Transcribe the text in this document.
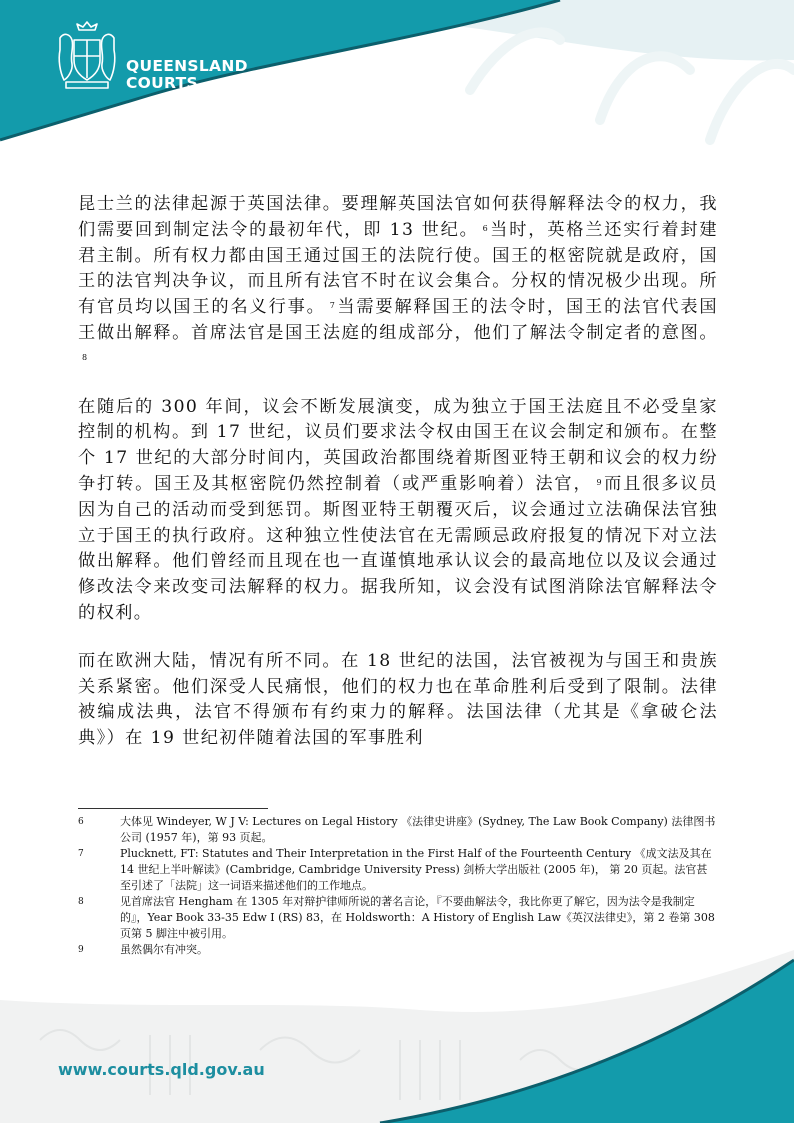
QUEENSLAND
COURTS

昆士兰的法律起源于英国法律。要理解英国法官如何获得解释法令的权力，我们需要回到制定法令的最初年代，即 13 世纪。 $^6$ 当时，英格兰还实行着封建君主制。所有权力都由国王通过国王的法院行使。国王的枢密院就是政府，国王的法官判决争议，而且所有法官不时在议会集合。分权的情况极少出现。所有官员均以国王的名义行事。 $^7$ 当需要解释国王的法令时，国王的法官代表国王做出解释。首席法官是国王法庭的组成部分，他们了解法令制定者的意图。$^8$

在随后的 300 年间，议会不断发展演变，成为独立于国王法庭且不必受皇家控制的机构。到 17 世纪，议员们要求法令权由国王在议会制定和颁布。在整个 17 世纪的大部分时间内，英国政治都围绕着斯图亚特王朝和议会的权力纷争打转。国王及其枢密院仍然控制着（或严重影响着）法官， $^9$ 而且很多议员因为自己的活动而受到惩罚。斯图亚特王朝覆灭后，议会通过立法确保法官独立于国王的执行政府。这种独立性使法官在无需顾忌政府报复的情况下对立法做出解释。他们曾经而且现在也一直谨慎地承认议会的最高地位以及议会通过修改法令来改变司法解释的权力。据我所知，议会没有试图消除法官解释法令的权利。

而在欧洲大陆，情况有所不同。在 18 世纪的法国，法官被视为与国王和贵族关系紧密。他们深受人民痛恨，他们的权力也在革命胜利后受到了限制。法律被编成法典，法官不得颁布有约束力的解释。法国法律（尤其是《拿破仑法典》）在 19 世纪初伴随着法国的军事胜利

6	大体见 Windeyer, W J V: Lectures on Legal History 《法律史讲座》(Sydney, The Law Book Company) 法律图书公司 (1957 年)，第 93 页起。
7	Plucknett, FT: Statutes and Their Interpretation in the First Half of the Fourteenth Century 《成文法及其在14 世纪上半叶解读》(Cambridge, Cambridge University Press) 剑桥大学出版社 (2005 年)， 第 20 页起。法官甚至引述了「法院」这一词语来描述他们的工作地点。
8	见首席法官 Hengham 在 1305 年对辩护律师所说的著名言论，『不要曲解法令，我比你更了解它，因为法令是我制定的』，Year Book 33-35 Edw I (RS) 83，在 Holdsworth：A History of English Law《英汉法律史》，第 2 卷第 308 页第 5 脚注中被引用。
9	虽然偶尔有冲突。
www.courts.qld.gov.au
